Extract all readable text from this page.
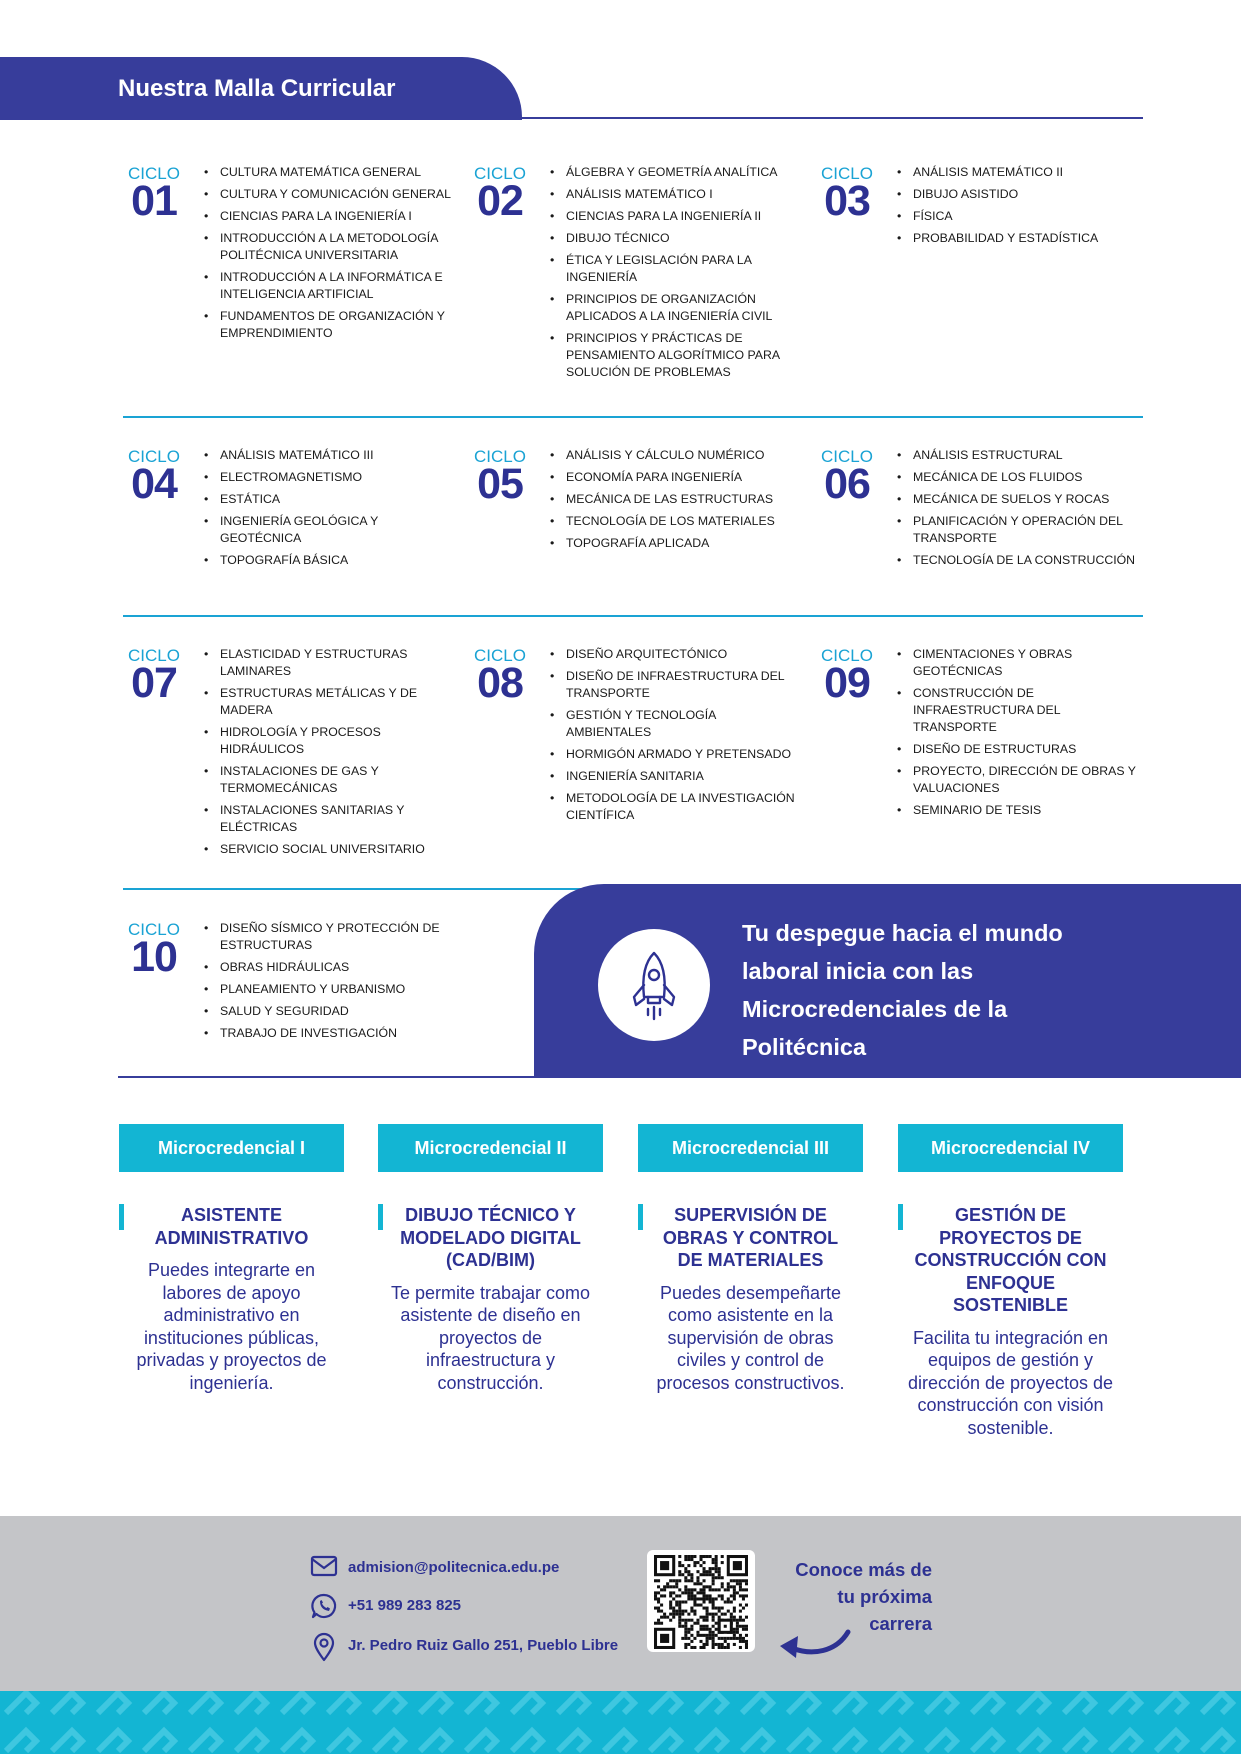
Nuestra Malla Curricular
CICLO
01
• CULTURA MATEMÁTICA GENERAL
• CULTURA Y COMUNICACIÓN GENERAL
• CIENCIAS PARA LA INGENIERÍA I
• INTRODUCCIÓN A LA METODOLOGÍA POLITÉCNICA UNIVERSITARIA
• INTRODUCCIÓN A LA INFORMÁTICA E INTELIGENCIA ARTIFICIAL
• FUNDAMENTOS DE ORGANIZACIÓN Y EMPRENDIMIENTO
CICLO
02
• ÁLGEBRA Y GEOMETRÍA ANALÍTICA
• ANÁLISIS MATEMÁTICO I
• CIENCIAS PARA LA INGENIERÍA II
• DIBUJO TÉCNICO
• ÉTICA Y LEGISLACIÓN PARA LA INGENIERÍA
• PRINCIPIOS DE ORGANIZACIÓN APLICADOS A LA INGENIERÍA CIVIL
• PRINCIPIOS Y PRÁCTICAS DE PENSAMIENTO ALGORÍTMICO PARA SOLUCIÓN DE PROBLEMAS
CICLO
03
• ANÁLISIS MATEMÁTICO II
• DIBUJO ASISTIDO
• FÍSICA
• PROBABILIDAD Y ESTADÍSTICA
CICLO
04
• ANÁLISIS MATEMÁTICO III
• ELECTROMAGNETISMO
• ESTÁTICA
• INGENIERÍA GEOLÓGICA Y GEOTÉCNICA
• TOPOGRAFÍA BÁSICA
CICLO
05
• ANÁLISIS Y CÁLCULO NUMÉRICO
• ECONOMÍA PARA INGENIERÍA
• MECÁNICA DE LAS ESTRUCTURAS
• TECNOLOGÍA DE LOS MATERIALES
• TOPOGRAFÍA APLICADA
CICLO
06
• ANÁLISIS ESTRUCTURAL
• MECÁNICA DE LOS FLUIDOS
• MECÁNICA DE SUELOS Y ROCAS
• PLANIFICACIÓN Y OPERACIÓN DEL TRANSPORTE
• TECNOLOGÍA DE LA CONSTRUCCIÓN
CICLO
07
• ELASTICIDAD Y ESTRUCTURAS LAMINARES
• ESTRUCTURAS METÁLICAS Y DE MADERA
• HIDROLOGÍA Y PROCESOS HIDRÁULICOS
• INSTALACIONES DE GAS Y TERMOMECÁNICAS
• INSTALACIONES SANITARIAS Y ELÉCTRICAS
• SERVICIO SOCIAL UNIVERSITARIO
CICLO
08
• DISEÑO ARQUITECTÓNICO
• DISEÑO DE INFRAESTRUCTURA DEL TRANSPORTE
• GESTIÓN Y TECNOLOGÍA AMBIENTALES
• HORMIGÓN ARMADO Y PRETENSADO
• INGENIERÍA SANITARIA
• METODOLOGÍA DE LA INVESTIGACIÓN CIENTÍFICA
CICLO
09
• CIMENTACIONES Y OBRAS GEOTÉCNICAS
• CONSTRUCCIÓN DE INFRAESTRUCTURA DEL TRANSPORTE
• DISEÑO DE ESTRUCTURAS
• PROYECTO, DIRECCIÓN DE OBRAS Y VALUACIONES
• SEMINARIO DE TESIS
CICLO
10
• DISEÑO SÍSMICO Y PROTECCIÓN DE ESTRUCTURAS
• OBRAS HIDRÁULICAS
• PLANEAMIENTO Y URBANISMO
• SALUD Y SEGURIDAD
• TRABAJO DE INVESTIGACIÓN
Tu despegue hacia el mundo laboral inicia con las Microcredenciales de la Politécnica
Microcredencial I
ASISTENTE ADMINISTRATIVO
Puedes integrarte en labores de apoyo administrativo en instituciones públicas, privadas y proyectos de ingeniería.
Microcredencial II
DIBUJO TÉCNICO Y MODELADO DIGITAL (CAD/BIM)
Te permite trabajar como asistente de diseño en proyectos de infraestructura y construcción.
Microcredencial III
SUPERVISIÓN DE OBRAS Y CONTROL DE MATERIALES
Puedes desempeñarte como asistente en la supervisión de obras civiles y control de procesos constructivos.
Microcredencial IV
GESTIÓN DE PROYECTOS DE CONSTRUCCIÓN CON ENFOQUE SOSTENIBLE
Facilita tu integración en equipos de gestión y dirección de proyectos de construcción con visión sostenible.
admision@politecnica.edu.pe
+51 989 283 825
Jr. Pedro Ruiz Gallo 251, Pueblo Libre
Conoce más de tu próxima carrera
